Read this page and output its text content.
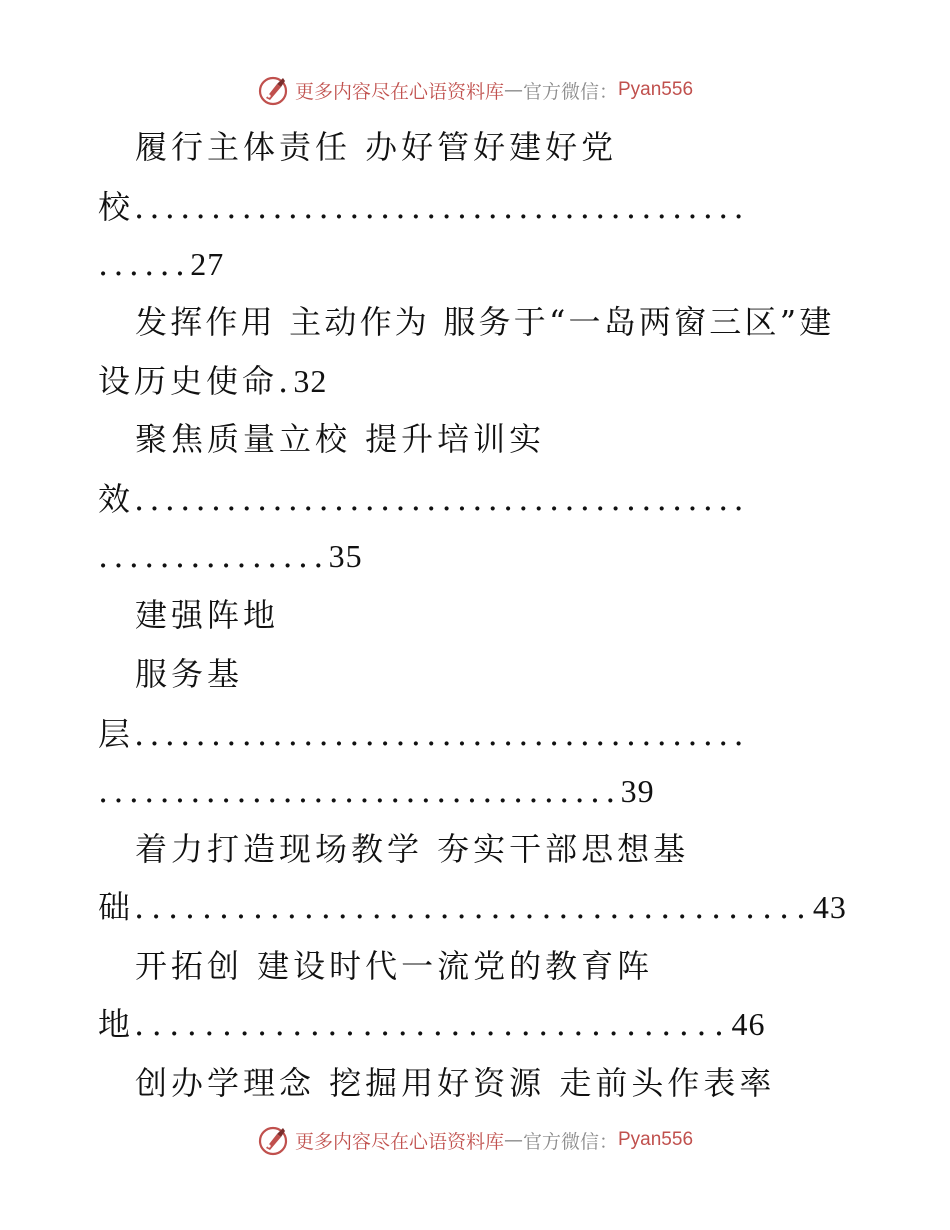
更多内容尽在心语资料库 — 官方微信： Pyan556
履行主体责任 办好管好建好党
校........................................
......27
发挥作用 主动作为 服务于“一岛两窗三区”建
设历史使命.32
聚焦质量立校 提升培训实
效........................................
...............35
建强阵地
服务基
层........................................
..................................39
着力打造现场教学 夯实干部思想基
础........................................43
开拓创 建设时代一流党的教育阵
地..................................46
创办学理念 挖掘用好资源 走前头作表率
更多内容尽在心语资料库 — 官方微信： Pyan556
